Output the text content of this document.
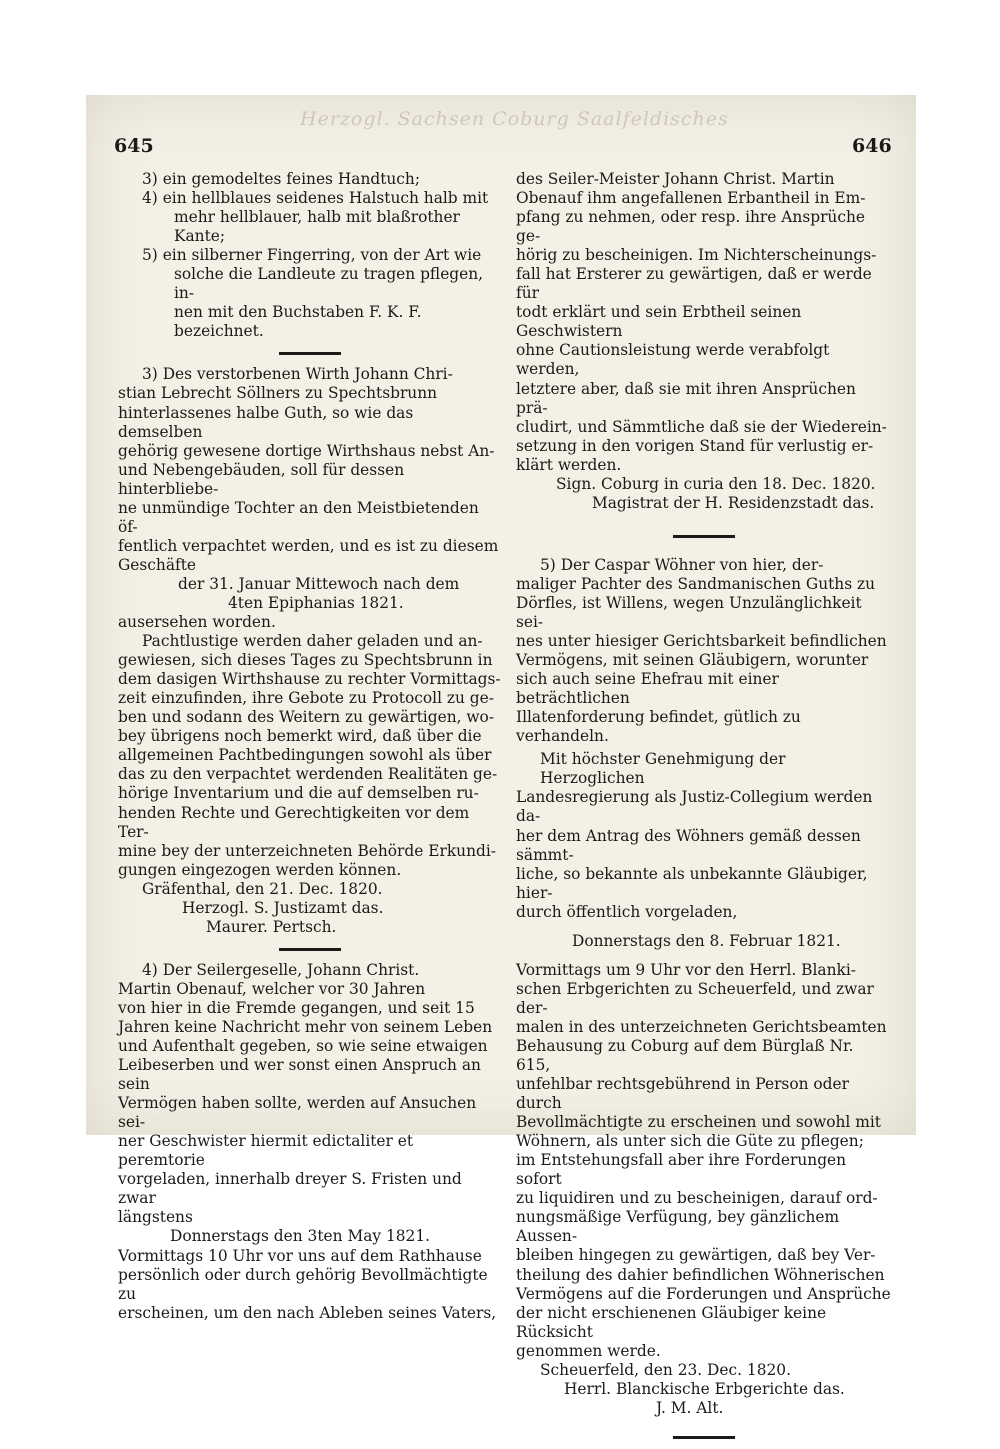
Herzogl. Sachsen Coburg Saalfeldisches
645	646

3) ein gemodeltes feines Handtuch;

4) ein hellblaues seidenes Halstuch halb mit

mehr hellblauer, halb mit blaßrother Kante;

5) ein silberner Fingerring, von der Art wie

solche die Landleute zu tragen pflegen, in-

nen mit den Buchstaben F. K. F. bezeichnet.

3) Des verstorbenen Wirth Johann Chri-

stian Lebrecht Söllners zu Spechtsbrunn

hinterlassenes halbe Guth, so wie das demselben

gehörig gewesene dortige Wirthshaus nebst An-

und Nebengebäuden, soll für dessen hinterbliebe-

ne unmündige Tochter an den Meistbietenden öf-

fentlich verpachtet werden, und es ist zu diesem

Geschäfte

der 31. Januar Mittewoch nach dem

4ten Epiphanias 1821.

ausersehen worden.

Pachtlustige werden daher geladen und an-

gewiesen, sich dieses Tages zu Spechtsbrunn in

dem dasigen Wirthshause zu rechter Vormittags-

zeit einzufinden, ihre Gebote zu Protocoll zu ge-

ben und sodann des Weitern zu gewärtigen, wo-

bey übrigens noch bemerkt wird, daß über die

allgemeinen Pachtbedingungen sowohl als über

das zu den verpachtet werdenden Realitäten ge-

hörige Inventarium und die auf demselben ru-

henden Rechte und Gerechtigkeiten vor dem Ter-

mine bey der unterzeichneten Behörde Erkundi-

gungen eingezogen werden können.

Gräfenthal, den 21. Dec. 1820.

Herzogl. S. Justizamt das.

Maurer. Pertsch.

4) Der Seilergeselle, Johann Christ.

Martin Obenauf, welcher vor 30 Jahren

von hier in die Fremde gegangen, und seit 15

Jahren keine Nachricht mehr von seinem Leben

und Aufenthalt gegeben, so wie seine etwaigen

Leibeserben und wer sonst einen Anspruch an sein

Vermögen haben sollte, werden auf Ansuchen sei-

ner Geschwister hiermit edictaliter et peremtorie

vorgeladen, innerhalb dreyer S. Fristen und zwar

längstens

Donnerstags den 3ten May 1821.

Vormittags 10 Uhr vor uns auf dem Rathhause

persönlich oder durch gehörig Bevollmächtigte zu

erscheinen, um den nach Ableben seines Vaters,

des Seiler-Meister Johann Christ. Martin

Obenauf ihm angefallenen Erbantheil in Em-

pfang zu nehmen, oder resp. ihre Ansprüche ge-

hörig zu bescheinigen. Im Nichterscheinungs-

fall hat Ersterer zu gewärtigen, daß er werde für

todt erklärt und sein Erbtheil seinen Geschwistern

ohne Cautionsleistung werde verabfolgt werden,

letztere aber, daß sie mit ihren Ansprüchen prä-

cludirt, und Sämmtliche daß sie der Wiederein-

setzung in den vorigen Stand für verlustig er-

klärt werden.

Sign. Coburg in curia den 18. Dec. 1820.

Magistrat der H. Residenzstadt das.

5) Der Caspar Wöhner von hier, der-

maliger Pachter des Sandmanischen Guths zu

Dörfles, ist Willens, wegen Unzulänglichkeit sei-

nes unter hiesiger Gerichtsbarkeit befindlichen

Vermögens, mit seinen Gläubigern, worunter

sich auch seine Ehefrau mit einer beträchtlichen

Illatenforderung befindet, gütlich zu verhandeln.

Mit höchster Genehmigung der Herzoglichen

Landesregierung als Justiz-Collegium werden da-

her dem Antrag des Wöhners gemäß dessen sämmt-

liche, so bekannte als unbekannte Gläubiger, hier-

durch öffentlich vorgeladen,

Donnerstags den 8. Februar 1821.

Vormittags um 9 Uhr vor den Herrl. Blanki-

schen Erbgerichten zu Scheuerfeld, und zwar der-

malen in des unterzeichneten Gerichtsbeamten

Behausung zu Coburg auf dem Bürglaß Nr. 615,

unfehlbar rechtsgebührend in Person oder durch

Bevollmächtigte zu erscheinen und sowohl mit

Wöhnern, als unter sich die Güte zu pflegen;

im Entstehungsfall aber ihre Forderungen sofort

zu liquidiren und zu bescheinigen, darauf ord-

nungsmäßige Verfügung, bey gänzlichem Aussen-

bleiben hingegen zu gewärtigen, daß bey Ver-

theilung des dahier befindlichen Wöhnerischen

Vermögens auf die Forderungen und Ansprüche

der nicht erschienenen Gläubiger keine Rücksicht

genommen werde.

Scheuerfeld, den 23. Dec. 1820.

Herrl. Blanckische Erbgerichte das.

J. M. Alt.
